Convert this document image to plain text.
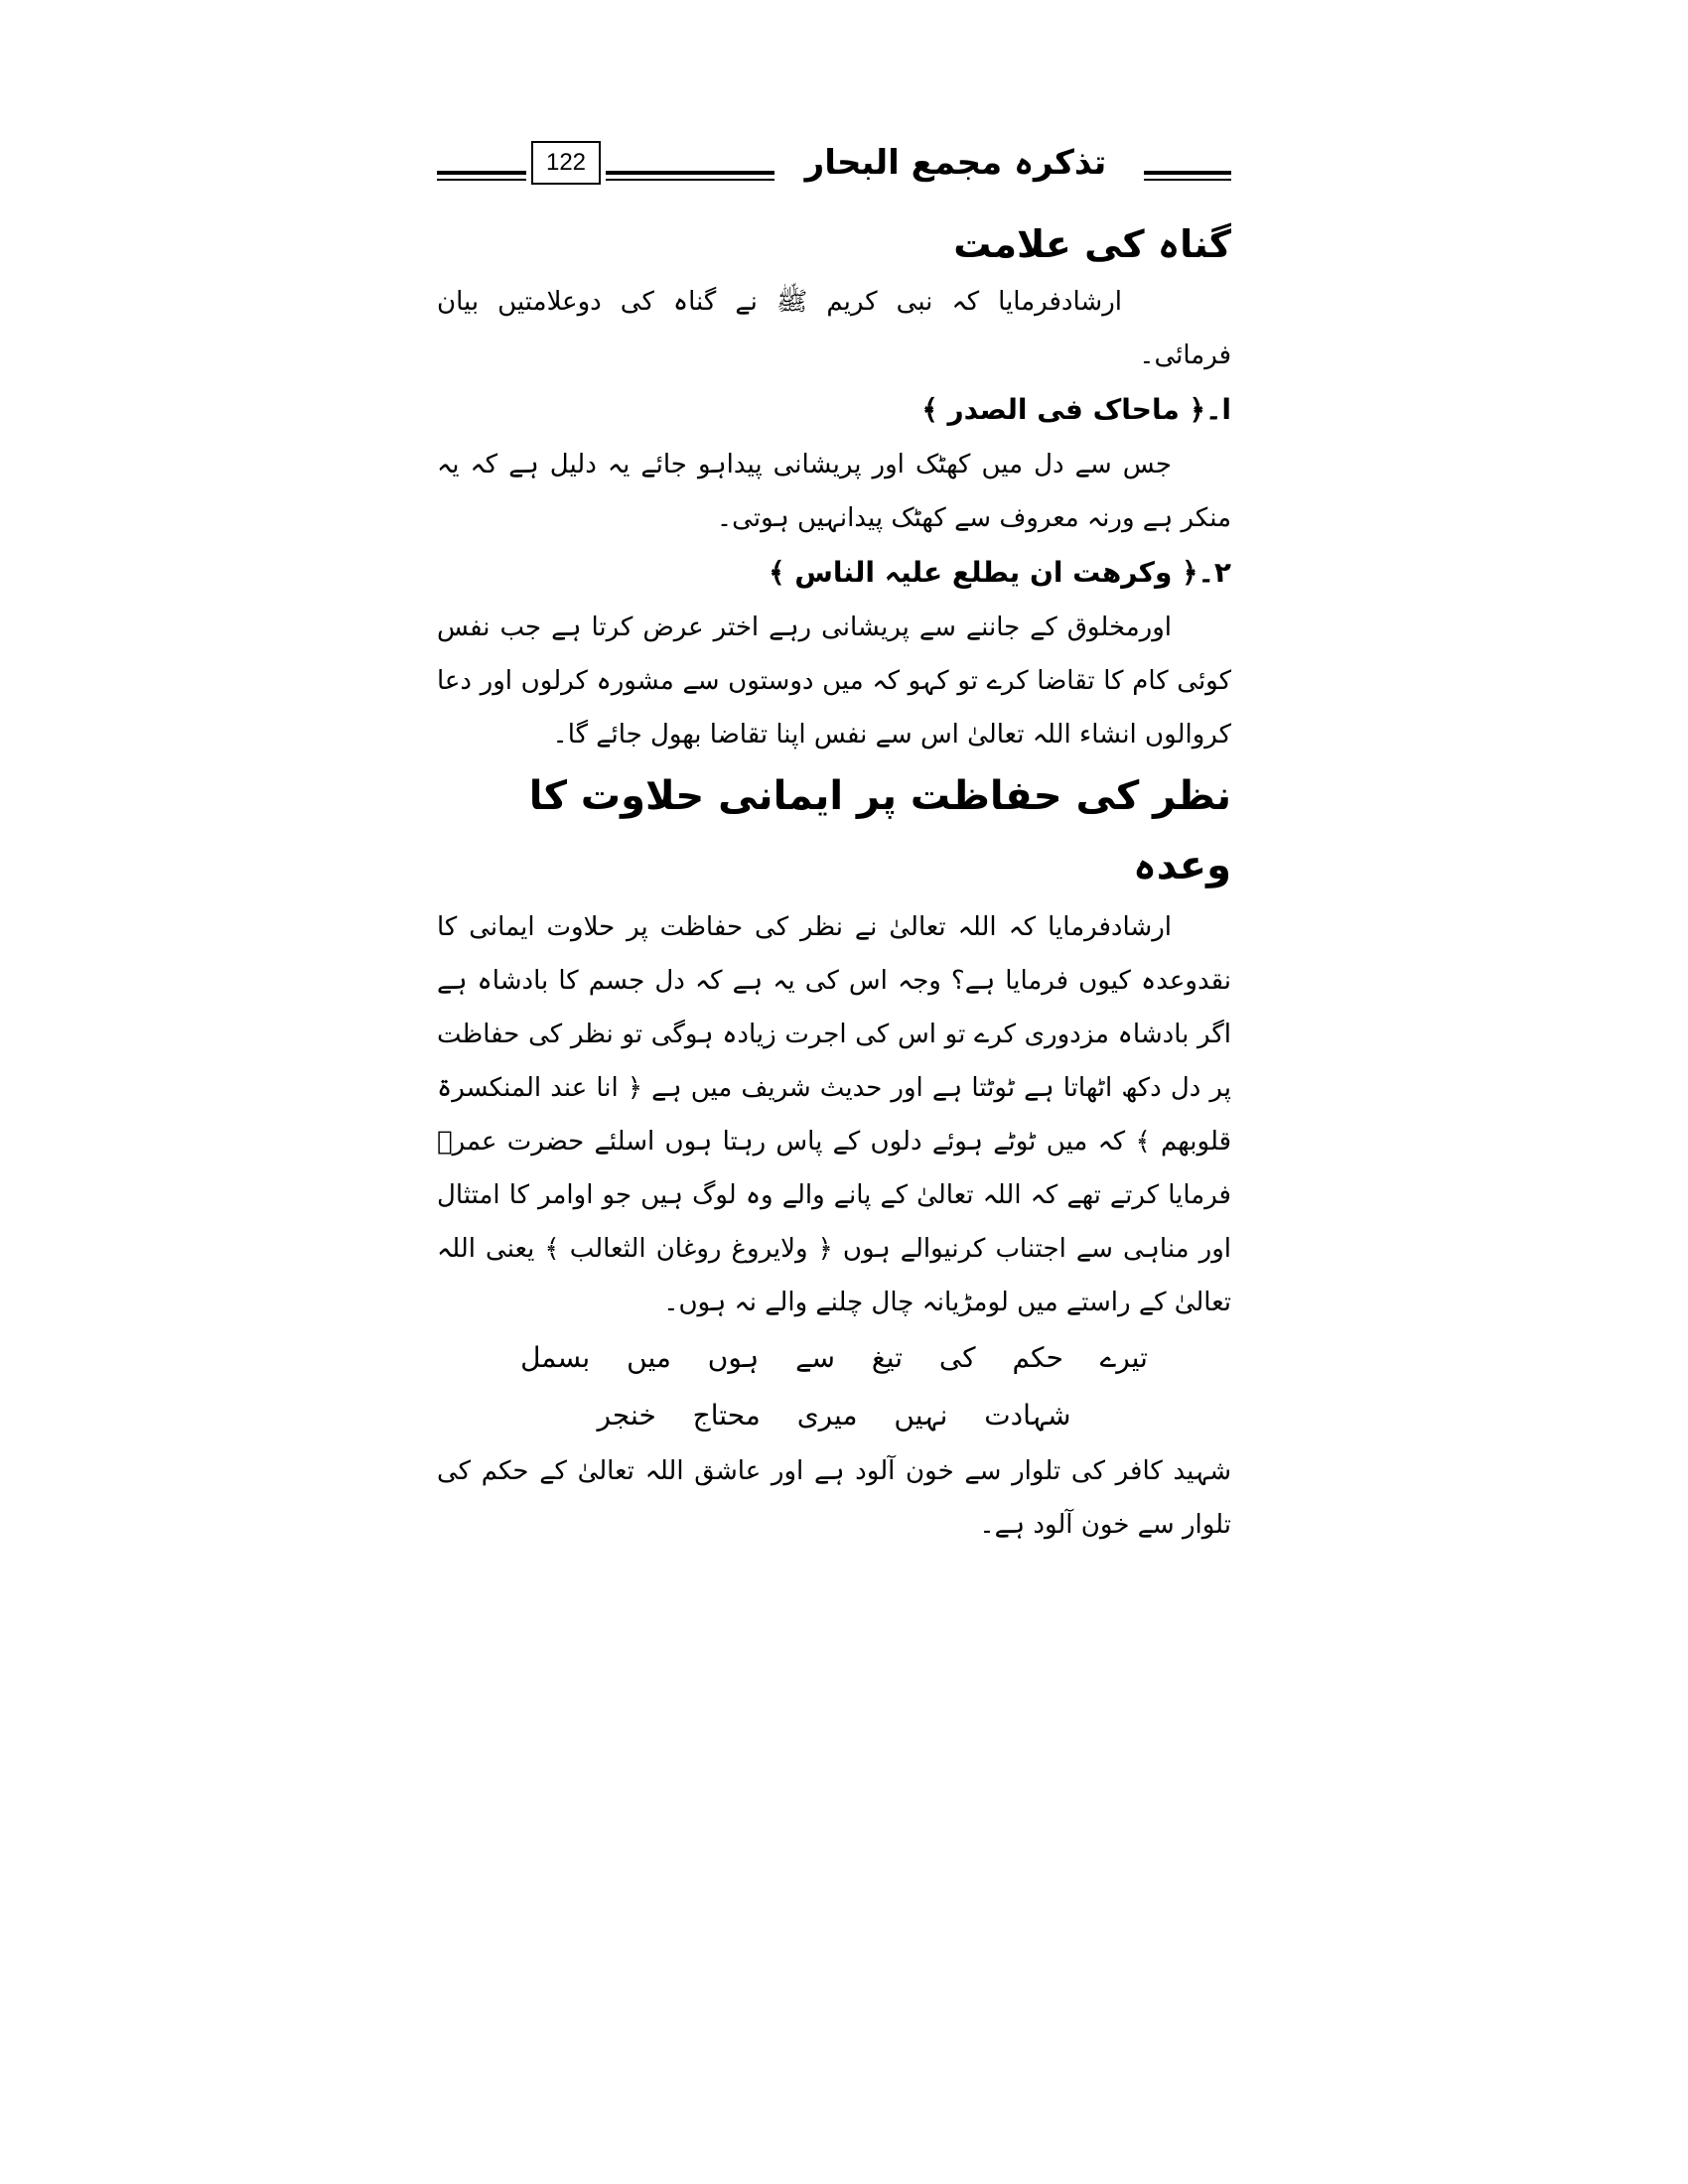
122	تذکرہ مجمع البحار

گناہ کی علامت

ارشادفرمایا کہ نبی کریم ﷺ نے گناہ کی دوعلامتیں بیان فرمائی۔

ا۔﴿ ماحاک فی الصدر ﴾

جس سے دل میں کھٹک اور پریشانی پیداہو جائے یہ دلیل ہے کہ یہ منکر ہے ورنہ معروف سے کھٹک پیدانہیں ہوتی۔

۲۔﴿ وکرھت ان یطلع علیہ الناس ﴾

اورمخلوق کے جاننے سے پریشانی رہے اختر عرض کرتا ہے جب نفس کوئی کام کا تقاضا کرے تو کہو کہ میں دوستوں سے مشورہ کرلوں اور دعا کروالوں انشاء اللہ تعالیٰ اس سے نفس اپنا تقاضا بھول جائے گا۔

نظر کی حفاظت پر ایمانی حلاوت کا وعدہ

ارشادفرمایا کہ اللہ تعالیٰ نے نظر کی حفاظت پر حلاوت ایمانی کا نقدوعدہ کیوں فرمایا ہے؟ وجہ اس کی یہ ہے کہ دل جسم کا بادشاہ ہے اگر بادشاہ مزدوری کرے تو اس کی اجرت زیادہ ہوگی تو نظر کی حفاظت پر دل دکھ اٹھاتا ہے ٹوٹتا ہے اور حدیث شریف میں ہے ﴿ انا عند المنکسرۃ قلوبھم ﴾ کہ میں ٹوٹے ہوئے دلوں کے پاس رہتا ہوں اسلئے حضرت عمرؓ فرمایا کرتے تھے کہ اللہ تعالیٰ کے پانے والے وہ لوگ ہیں جو اوامر کا امتثال اور مناہی سے اجتناب کرنیوالے ہوں ﴿ ولایروغ روغان الثعالب ﴾ یعنی اللہ تعالیٰ کے راستے میں لومڑیانہ چال چلنے والے نہ ہوں۔

تیرے حکم کی تیغ سے ہوں میں بسمل

شہادت نہیں میری محتاج خنجر

شہید کافر کی تلوار سے خون آلود ہے اور عاشق اللہ تعالیٰ کے حکم کی تلوار سے خون آلود ہے۔
